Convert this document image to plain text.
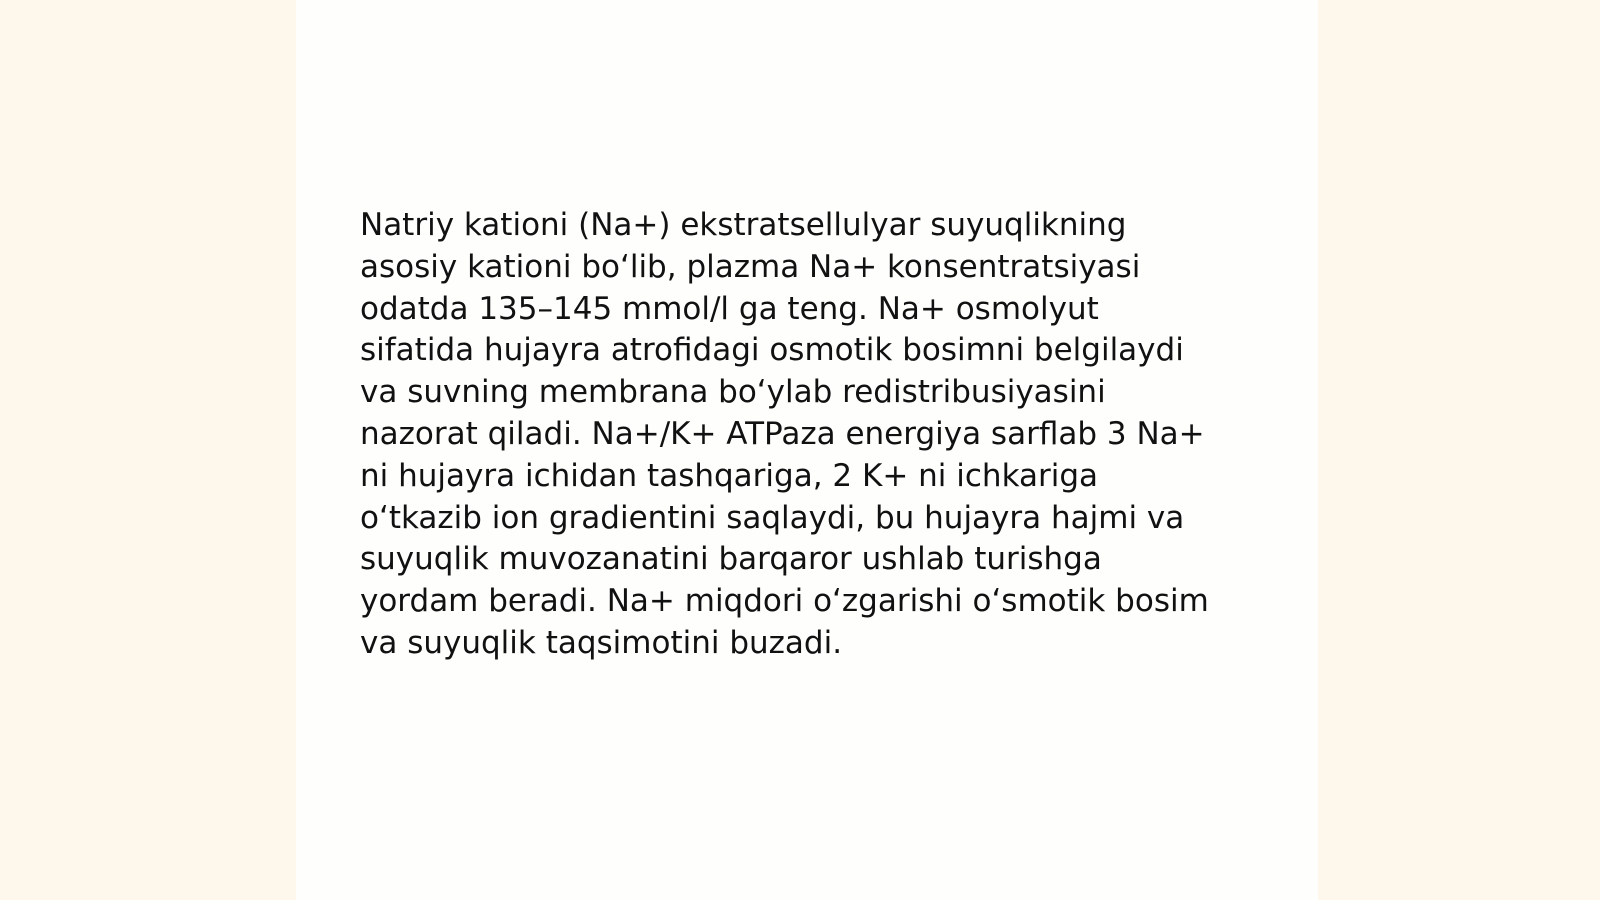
Natriy kationi (Na+) ekstratsellulyar suyuqlikning
asosiy kationi bo‘lib, plazma Na+ konsentratsiyasi
odatda 135–145 mmol/l ga teng. Na+ osmolyut
sifatida hujayra atrofidagi osmotik bosimni belgilaydi
va suvning membrana bo‘ylab redistribusiyasini
nazorat qiladi. Na+/K+ ATPaza energiya sarflab 3 Na+
ni hujayra ichidan tashqariga, 2 K+ ni ichkariga
o‘tkazib ion gradientini saqlaydi, bu hujayra hajmi va
suyuqlik muvozanatini barqaror ushlab turishga
yordam beradi. Na+ miqdori o‘zgarishi o‘smotik bosim
va suyuqlik taqsimotini buzadi.
